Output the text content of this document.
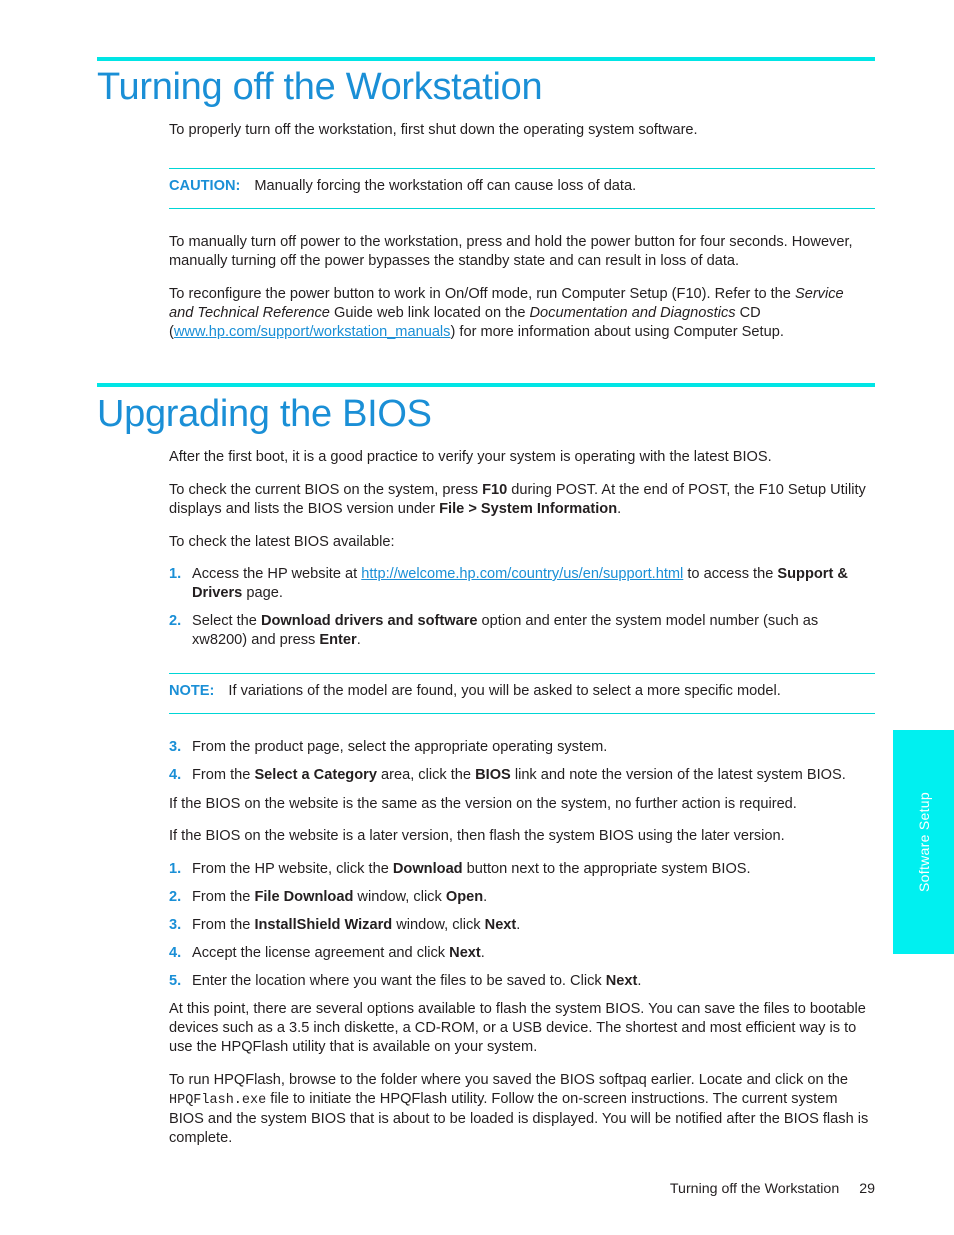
Turning off the Workstation

To properly turn off the workstation, first shut down the operating system software.

CAUTION: Manually forcing the workstation off can cause loss of data.

To manually turn off power to the workstation, press and hold the power button for four seconds. However, manually turning off the power bypasses the standby state and can result in loss of data.

To reconfigure the power button to work in On/Off mode, run Computer Setup (F10). Refer to the Service and Technical Reference Guide web link located on the Documentation and Diagnostics CD (www.hp.com/support/workstation_manuals) for more information about using Computer Setup.

Upgrading the BIOS

After the first boot, it is a good practice to verify your system is operating with the latest BIOS.

To check the current BIOS on the system, press F10 during POST. At the end of POST, the F10 Setup Utility displays and lists the BIOS version under File > System Information.

To check the latest BIOS available:

1. Access the HP website at http://welcome.hp.com/country/us/en/support.html to access the Support & Drivers page.

2. Select the Download drivers and software option and enter the system model number (such as xw8200) and press Enter.

NOTE: If variations of the model are found, you will be asked to select a more specific model.
3. From the product page, select the appropriate operating system.

4. From the Select a Category area, click the BIOS link and note the version of the latest system BIOS.

If the BIOS on the website is the same as the version on the system, no further action is required.

If the BIOS on the website is a later version, then flash the system BIOS using the later version.

1. From the HP website, click the Download button next to the appropriate system BIOS.

2. From the File Download window, click Open.

3. From the InstallShield Wizard window, click Next.

4. Accept the license agreement and click Next.

5. Enter the location where you want the files to be saved to. Click Next.

At this point, there are several options available to flash the system BIOS. You can save the files to bootable devices such as a 3.5 inch diskette, a CD-ROM, or a USB device. The shortest and most efficient way is to use the HPQFlash utility that is available on your system.

To run HPQFlash, browse to the folder where you saved the BIOS softpaq earlier. Locate and click on the HPQFlash.exe file to initiate the HPQFlash utility. Follow the on-screen instructions. The current system BIOS and the system BIOS that is about to be loaded is displayed. You will be notified after the BIOS flash is complete.

Software Setup
Turning off the Workstation 29
